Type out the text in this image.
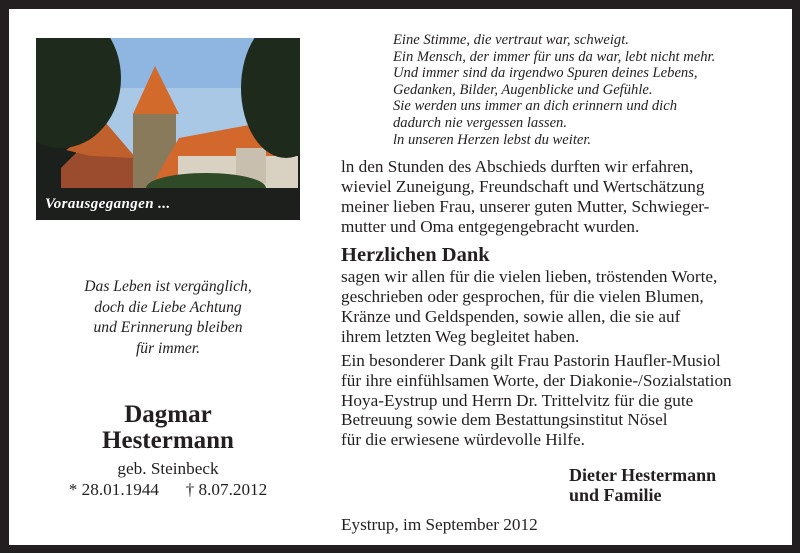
Vorausgegangen ...
Eine Stimme, die vertraut war, schweigt.
Ein Mensch, der immer für uns da war, lebt nicht mehr.
Und immer sind da irgendwo Spuren deines Lebens,
Gedanken, Bilder, Augenblicke und Gefühle.
Sie werden uns immer an dich erinnern und dich
dadurch nie vergessen lassen.
ln unseren Herzen lebst du weiter.
ln den Stunden des Abschieds durften wir erfahren,
wieviel Zuneigung, Freundschaft und Wertschätzung
meiner lieben Frau, unserer guten Mutter, Schwieger-
mutter und Oma entgegengebracht wurden.
Herzlichen Dank
sagen wir allen für die vielen lieben, tröstenden Worte,
geschrieben oder gesprochen, für die vielen Blumen,
Kränze und Geldspenden, sowie allen, die sie auf
ihrem letzten Weg begleitet haben.
Ein besonderer Dank gilt Frau Pastorin Haufler-Musiol
für ihre einfühlsamen Worte, der Diakonie-/Sozialstation
Hoya-Eystrup und Herrn Dr. Trittelvitz für die gute
Betreuung sowie dem Bestattungsinstitut Nösel
für die erwiesene würdevolle Hilfe.
Dieter Hestermann
und Familie
Eystrup, im September 2012
Das Leben ist vergänglich,
doch die Liebe Achtung
und Erinnerung bleiben
für immer.
Dagmar
Hestermann
geb. Steinbeck
* 28.01.1944 † 8.07.2012
